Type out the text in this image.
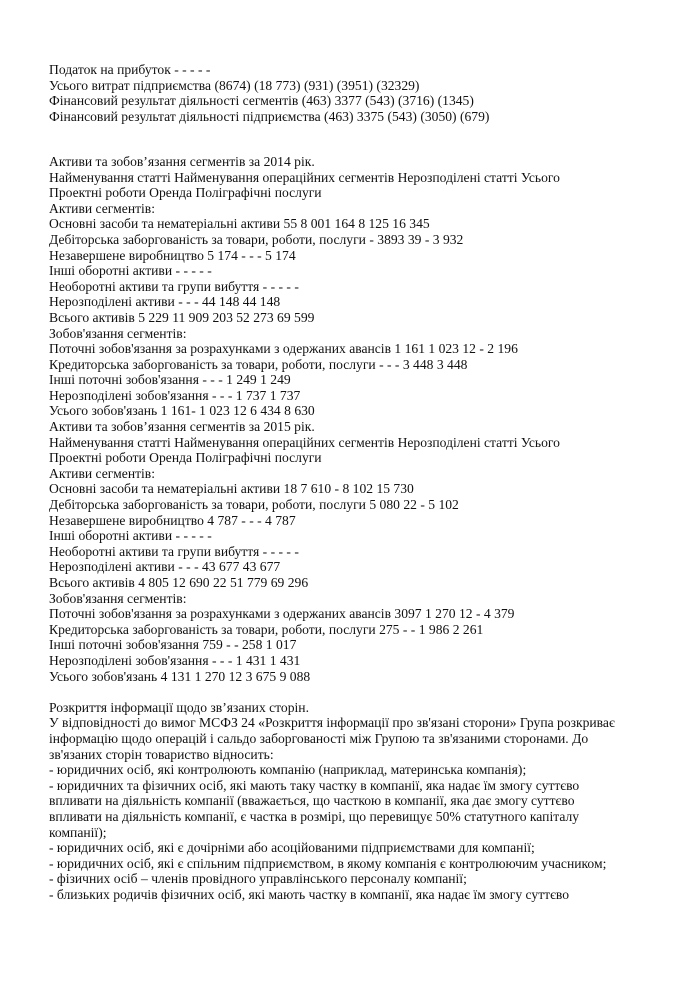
Податок на прибуток - - - - -
Усього витрат підприємства (8674) (18 773) (931) (3951) (32329)
Фінансовий результат діяльності сегментів (463) 3377 (543) (3716) (1345)
Фінансовий результат діяльності підприємства (463) 3375 (543) (3050) (679)
Активи та зобов’язання сегментів за 2014 рік.
Найменування статті Найменування операційних сегментів Нерозподілені статті Усього
Проектні роботи Оренда Поліграфічні послуги
Активи сегментів:
Основні засоби та нематеріальні активи 55 8 001 164 8 125 16 345
Дебіторська заборгованість за товари, роботи, послуги - 3893 39 - 3 932
Незавершене виробництво 5 174 - - - 5 174
Інші оборотні активи - - - - -
Необоротні активи та групи вибуття - - - - -
Нерозподілені активи - - - 44 148 44 148
Всього активів 5 229 11 909 203 52 273 69 599
Зобов'язання сегментів:
Поточні зобов'язання за розрахунками з одержаних авансів 1 161 1 023 12 - 2 196
Кредиторська заборгованість за товари, роботи, послуги - - - 3 448 3 448
Інші поточні зобов'язання - - - 1 249 1 249
Нерозподілені зобов'язання - - - 1 737 1 737
Усього зобов'язань 1 161- 1 023 12 6 434 8 630
Активи та зобов’язання сегментів за 2015 рік.
Найменування статті Найменування операційних сегментів Нерозподілені статті Усього
Проектні роботи Оренда Поліграфічні послуги
Активи сегментів:
Основні засоби та нематеріальні активи 18 7 610 - 8 102 15 730
Дебіторська заборгованість за товари, роботи, послуги 5 080 22 - 5 102
Незавершене виробництво 4 787 - - - 4 787
Інші оборотні активи - - - - -
Необоротні активи та групи вибуття - - - - -
Нерозподілені активи - - - 43 677 43 677
Всього активів 4 805 12 690 22 51 779 69 296
Зобов'язання сегментів:
Поточні зобов'язання за розрахунками з одержаних авансів 3097 1 270 12 - 4 379
Кредиторська заборгованість за товари, роботи, послуги 275 - - 1 986 2 261
Інші поточні зобов'язання 759 - - 258 1 017
Нерозподілені зобов'язання - - - 1 431 1 431
Усього зобов'язань 4 131 1 270 12 3 675 9 088
Розкриття інформації щодо зв’язаних сторін.
У відповідності до вимог МСФЗ 24 «Розкриття інформації про зв'язані сторони» Група розкриває
інформацію щодо операцій і сальдо заборгованості між Групою та зв'язаними сторонами. До
зв'язаних сторін товариство відносить:
- юридичних осіб, які контролюють компанію (наприклад, материнська компанія);
- юридичних та фізичних осіб, які мають таку частку в компанії, яка надає їм змогу суттєво
впливати на діяльність компанії (вважається, що часткою в компанії, яка дає змогу суттєво
впливати на діяльність компанії, є частка в розмірі, що перевищує 50% статутного капіталу
компанії);
- юридичних осіб, які є дочірніми або асоційованими підприємствами для компанії;
- юридичних осіб, які є спільним підприємством, в якому компанія є контролюючим учасником;
- фізичних осіб – членів провідного управлінського персоналу компанії;
- близьких родичів фізичних осіб, які мають частку в компанії, яка надає їм змогу суттєво
